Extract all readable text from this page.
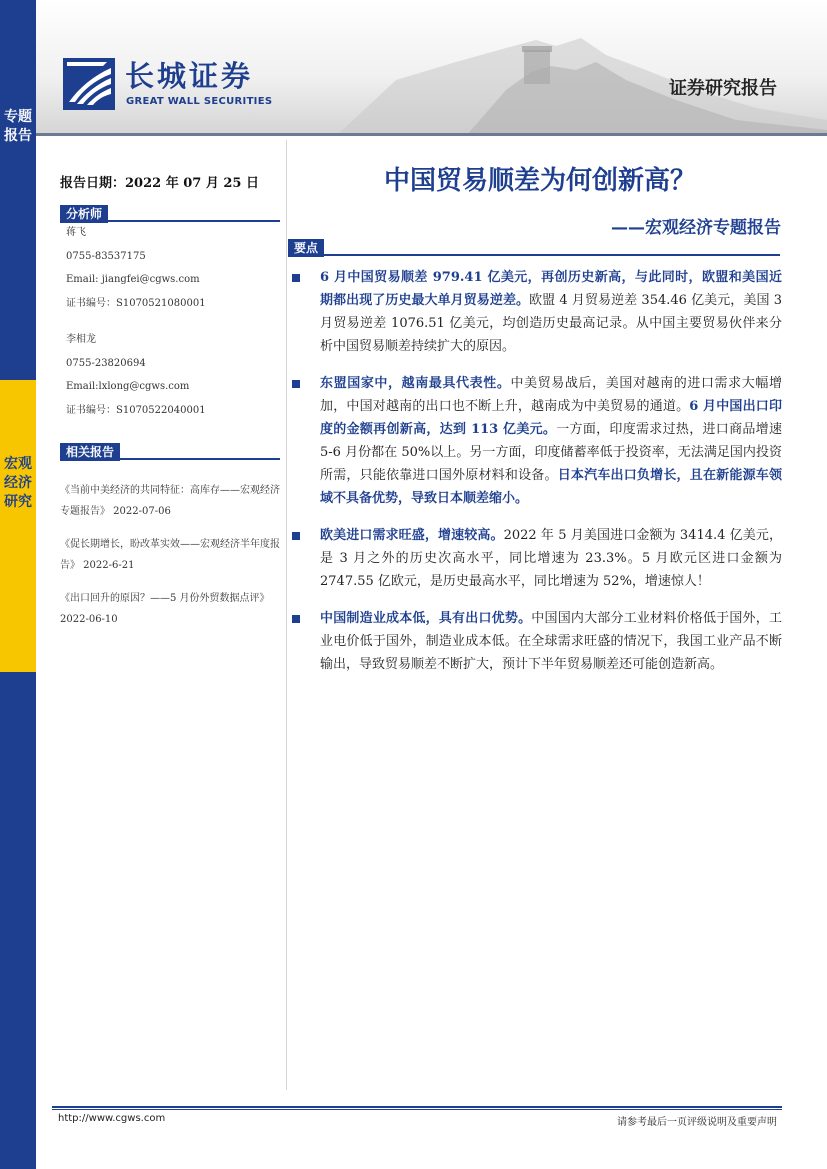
专题报告
宏观经济研究
长城证券
GREAT WALL SECURITIES
证券研究报告
报告日期：2022 年 07 月 25 日
分析师
蒋飞
0755-83537175
Email: jiangfei@cgws.com
证书编号：S1070521080001
李相龙
0755-23820694
Email:lxlong@cgws.com
证书编号：S1070522040001
相关报告

《当前中美经济的共同特征：高库存——宏观经济专题报告》 2022-07-06

《促长期增长，盼改革实效——宏观经济半年度报告》 2022-6-21

《出口回升的原因？——5 月份外贸数据点评》2022-06-10

中国贸易顺差为何创新高？
——宏观经济专题报告
要点
6 月中国贸易顺差 979.41 亿美元，再创历史新高，与此同时，欧盟和美国近期都出现了历史最大单月贸易逆差。欧盟 4 月贸易逆差 354.46 亿美元，美国 3 月贸易逆差 1076.51 亿美元，均创造历史最高记录。从中国主要贸易伙伴来分析中国贸易顺差持续扩大的原因。
东盟国家中，越南最具代表性。中美贸易战后，美国对越南的进口需求大幅增加，中国对越南的出口也不断上升，越南成为中美贸易的通道。6 月中国出口印度的金额再创新高，达到 113 亿美元。一方面，印度需求过热，进口商品增速 5-6 月份都在 50%以上。另一方面，印度储蓄率低于投资率，无法满足国内投资所需，只能依靠进口国外原材料和设备。日本汽车出口负增长，且在新能源车领域不具备优势，导致日本顺差缩小。
欧美进口需求旺盛，增速较高。2022 年 5 月美国进口金额为 3414.4 亿美元，是 3 月之外的历史次高水平，同比增速为 23.3%。5 月欧元区进口金额为 2747.55 亿欧元，是历史最高水平，同比增速为 52%，增速惊人！
中国制造业成本低，具有出口优势。中国国内大部分工业材料价格低于国外，工业电价低于国外，制造业成本低。在全球需求旺盛的情况下，我国工业产品不断输出，导致贸易顺差不断扩大，预计下半年贸易顺差还可能创造新高。
http://www.cgws.com	请参考最后一页评级说明及重要声明
